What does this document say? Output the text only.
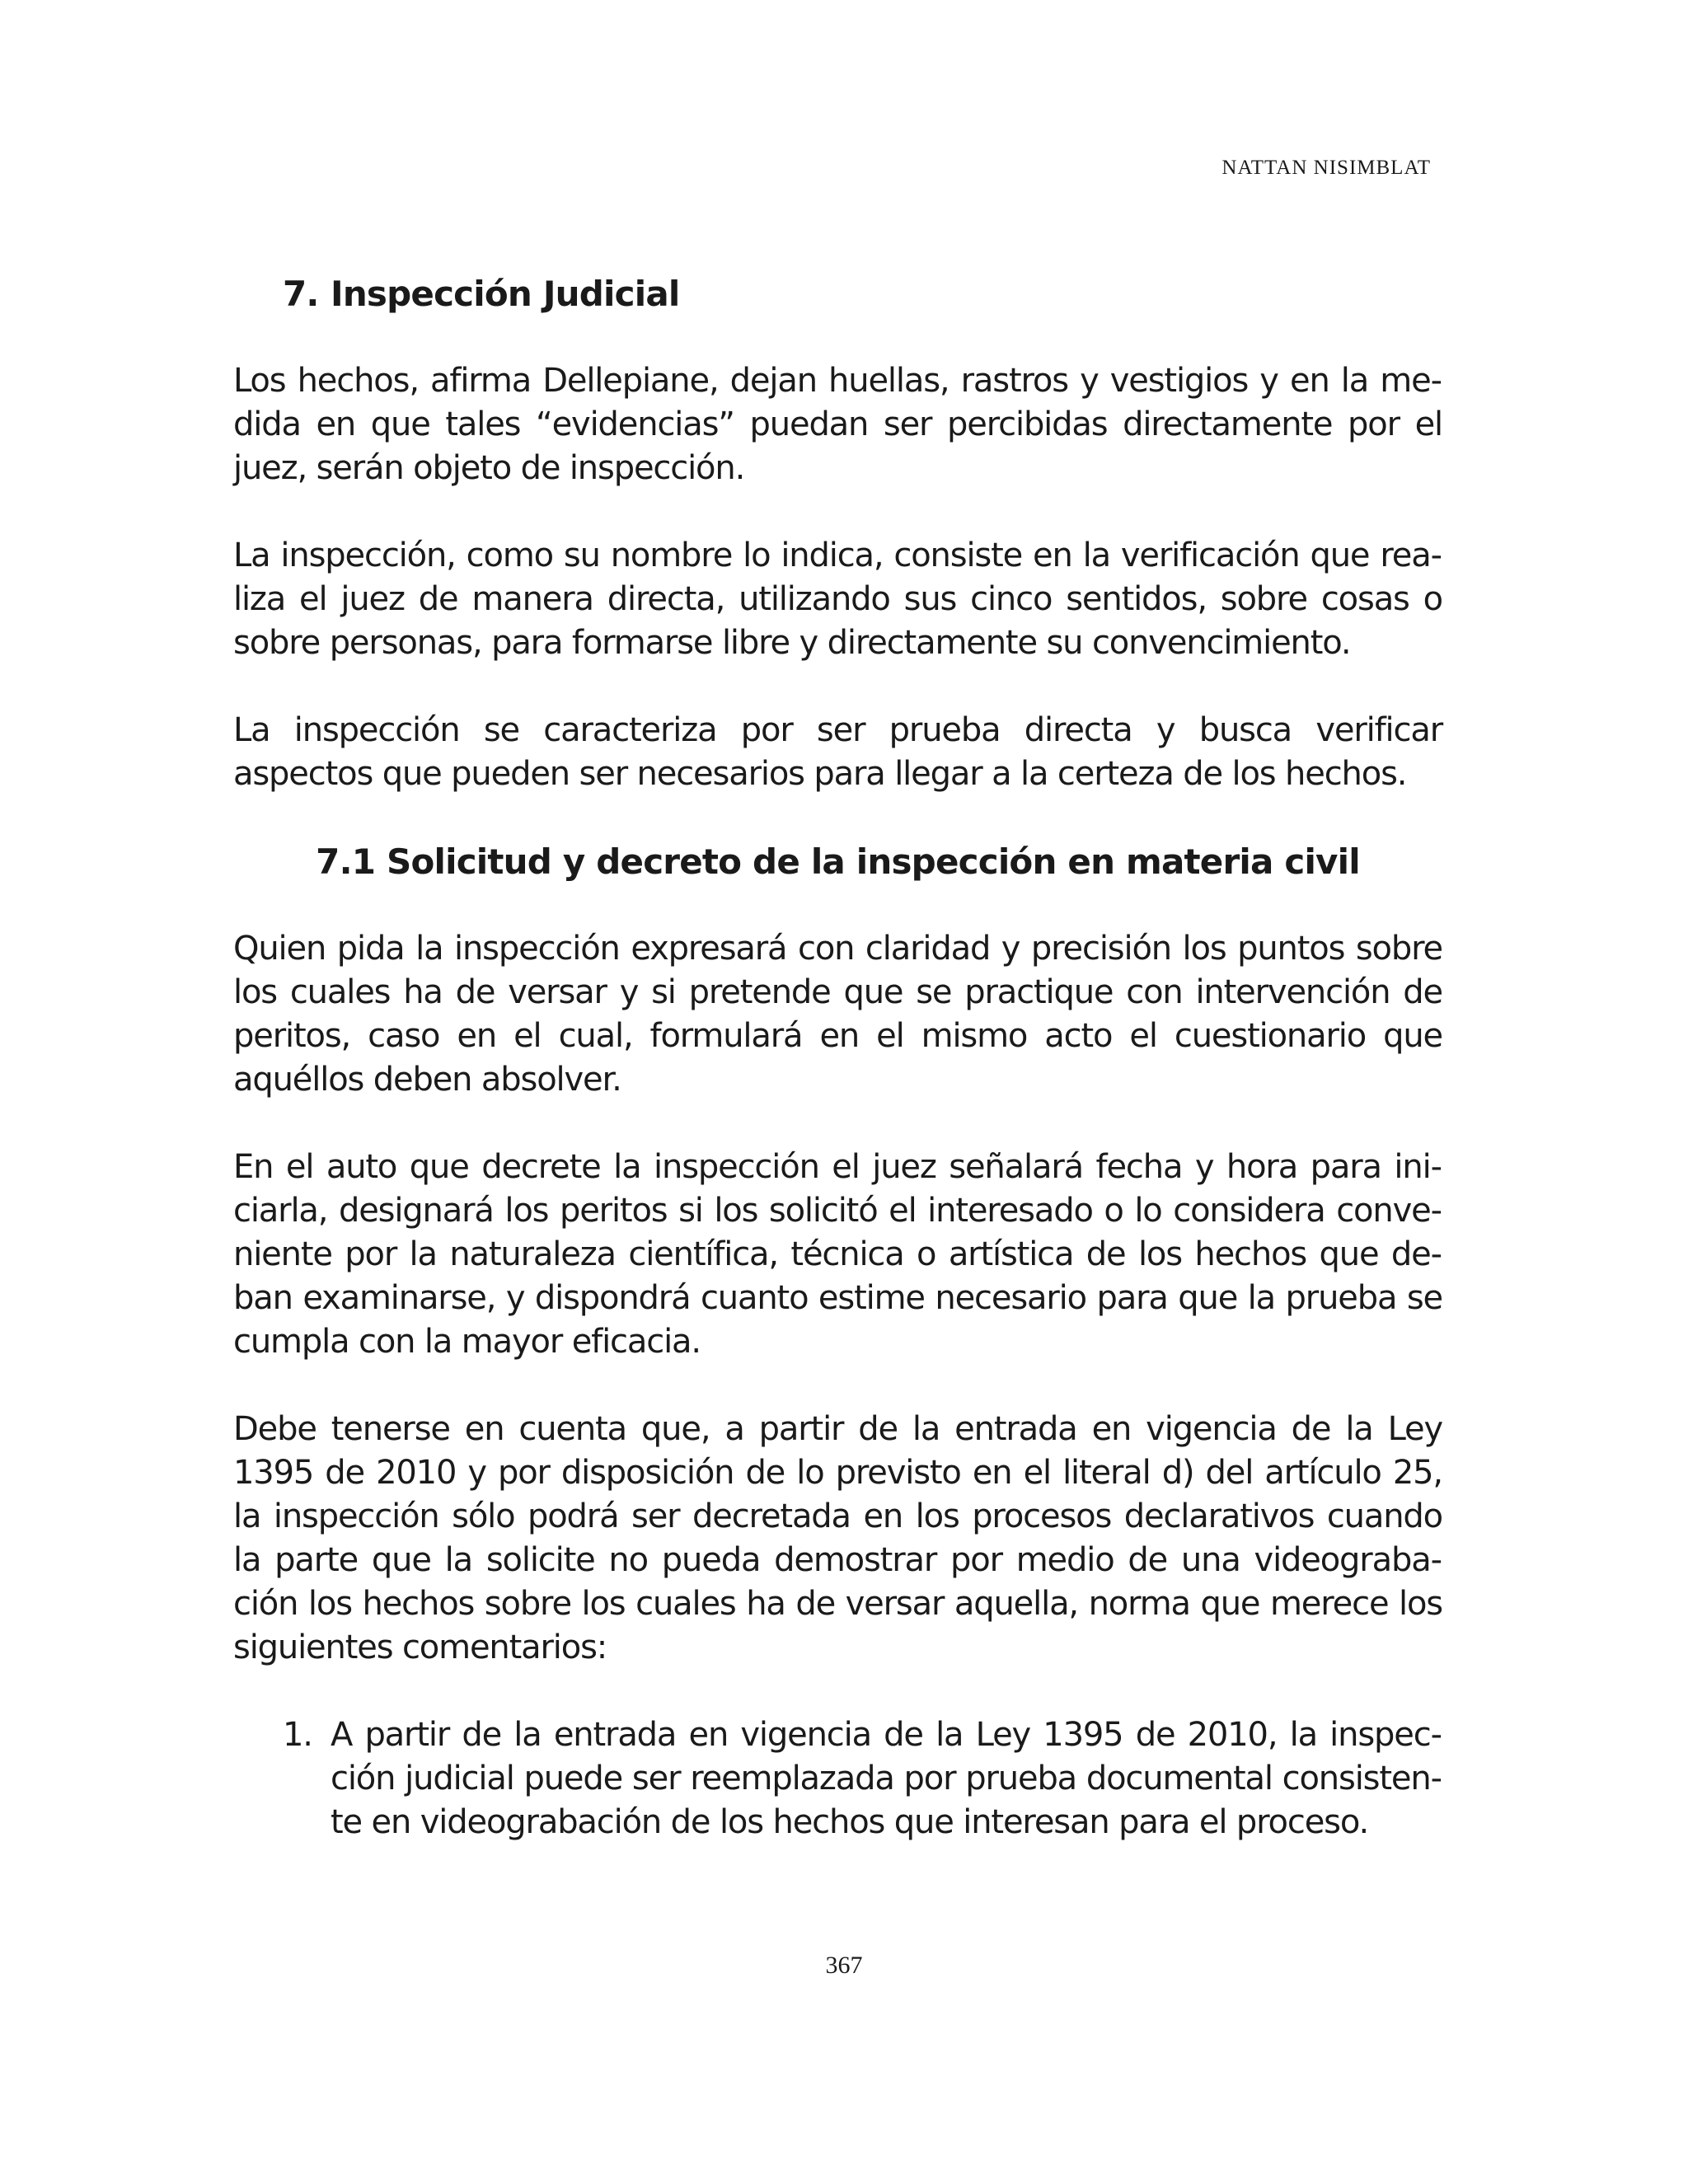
NATTAN NISIMBLAT

7. Inspección Judicial

Los hechos, afirma Dellepiane, dejan huellas, rastros y vestigios y en la medida en que tales “evidencias” puedan ser percibidas directamente por el juez, serán objeto de inspección.

La inspección, como su nombre lo indica, consiste en la verificación que realiza el juez de manera directa, utilizando sus cinco sentidos, sobre cosas o sobre personas, para formarse libre y directamente su convencimiento.

La inspección se caracteriza por ser prueba directa y busca verificar aspectos que pueden ser necesarios para llegar a la certeza de los hechos.

7.1 Solicitud y decreto de la inspección en materia civil

Quien pida la inspección expresará con claridad y precisión los puntos sobre los cuales ha de versar y si pretende que se practique con intervención de peritos, caso en el cual, formulará en el mismo acto el cuestionario que aquéllos deben absolver.

En el auto que decrete la inspección el juez señalará fecha y hora para iniciarla, designará los peritos si los solicitó el interesado o lo considera conveniente por la naturaleza científica, técnica o artística de los hechos que deban examinarse, y dispondrá cuanto estime necesario para que la prueba se cumpla con la mayor eficacia.

Debe tenerse en cuenta que, a partir de la entrada en vigencia de la Ley 1395 de 2010 y por disposición de lo previsto en el literal d) del artículo 25, la inspección sólo podrá ser decretada en los procesos declarativos cuando la parte que la solicite no pueda demostrar por medio de una videograbación los hechos sobre los cuales ha de versar aquella, norma que merece los siguientes comentarios:

1. A partir de la entrada en vigencia de la Ley 1395 de 2010, la inspección judicial puede ser reemplazada por prueba documental consistente en videograbación de los hechos que interesan para el proceso.

367
